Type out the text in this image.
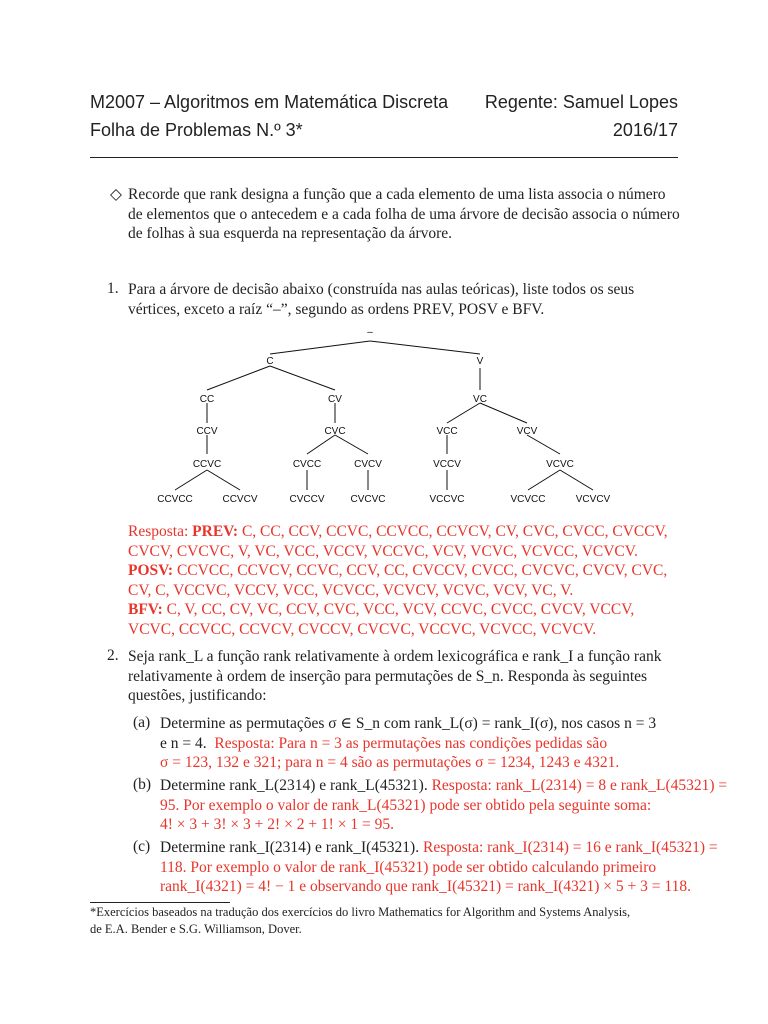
M2007 – Algoritmos em Matemática Discreta Regente: Samuel Lopes
Folha de Problemas N.º 3*	2016/17
◇ Recorde que rank designa a função que a cada elemento de uma lista associa o número
de elementos que o antecedem e a cada folha de uma árvore de decisão associa o número
de folhas à sua esquerda na representação da árvore.
1. Para a árvore de decisão abaixo (construída nas aulas teóricas), liste todos os seus
vértices, exceto a raíz “–”, segundo as ordens PREV, POSV e BFV.
–
C	V
CC	CV	VC
CCV	CVC	VCC	VCV
CCVC	CVCC	CVCV	VCCV	VCVC
CCVCC	CCVCV	CVCCV	CVCVC	VCCVC	VCVCC	VCVCV
Resposta: PREV: C, CC, CCV, CCVC, CCVCC, CCVCV, CV, CVC, CVCC, CVCCV,
CVCV, CVCVC, V, VC, VCC, VCCV, VCCVC, VCV, VCVC, VCVCC, VCVCV.
POSV: CCVCC, CCVCV, CCVC, CCV, CC, CVCCV, CVCC, CVCVC, CVCV, CVC,
CV, C, VCCVC, VCCV, VCC, VCVCC, VCVCV, VCVC, VCV, VC, V.
BFV: C, V, CC, CV, VC, CCV, CVC, VCC, VCV, CCVC, CVCC, CVCV, VCCV,
VCVC, CCVCC, CCVCV, CVCCV, CVCVC, VCCVC, VCVCC, VCVCV.
2. Seja rank_L a função rank relativamente à ordem lexicográfica e rank_I a função rank
relativamente à ordem de inserção para permutações de S_n. Responda às seguintes
questões, justificando:
(a) Determine as permutações σ ∈ S_n com rank_L(σ) = rank_I(σ), nos casos n = 3
e n = 4. Resposta: Para n = 3 as permutações nas condições pedidas são
σ = 123, 132 e 321; para n = 4 são as permutações σ = 1234, 1243 e 4321.
(b) Determine rank_L(2314) e rank_L(45321). Resposta: rank_L(2314) = 8 e rank_L(45321) =
95. Por exemplo o valor de rank_L(45321) pode ser obtido pela seguinte soma:
4! × 3 + 3! × 3 + 2! × 2 + 1! × 1 = 95.
(c) Determine rank_I(2314) e rank_I(45321). Resposta: rank_I(2314) = 16 e rank_I(45321) =
118. Por exemplo o valor de rank_I(45321) pode ser obtido calculando primeiro
rank_I(4321) = 4! − 1 e observando que rank_I(45321) = rank_I(4321) × 5 + 3 = 118.
*Exercícios baseados na tradução dos exercícios do livro Mathematics for Algorithm and Systems Analysis,
de E.A. Bender e S.G. Williamson, Dover.
